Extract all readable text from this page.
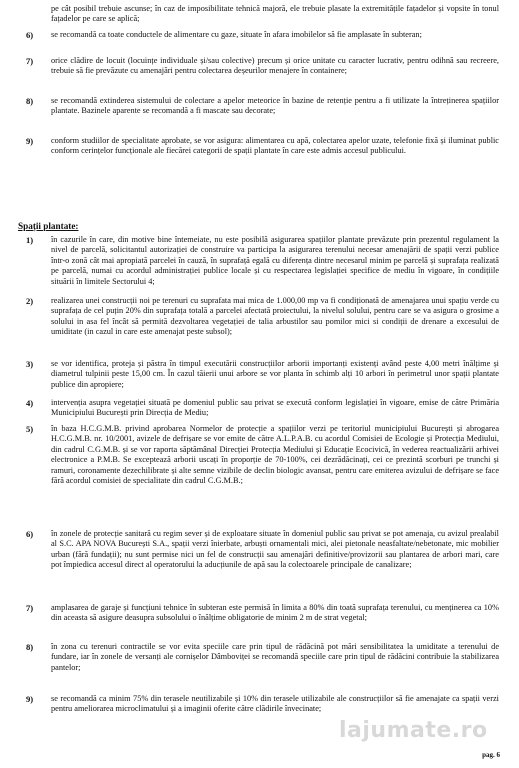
pe cât posibil trebuie ascunse; în caz de imposibilitate tehnică majoră, ele trebuie plasate la extremitățile fațadelor și vopsite în tonul fațadelor pe care se aplică;
6) se recomandă ca toate conductele de alimentare cu gaze, situate în afara imobilelor să fie amplasate în subteran;
7) orice clădire de locuit (locuințe individuale și/sau colective) precum și orice unitate cu caracter lucrativ, pentru odihnă sau recreere, trebuie să fie prevăzute cu amenajări pentru colectarea deșeurilor menajere în containere;
8) se recomandă extinderea sistemului de colectare a apelor meteorice în bazine de retenție pentru a fi utilizate la întreținerea spațiilor plantate. Bazinele aparente se recomandă a fi mascate sau decorate;
9) conform studiilor de specialitate aprobate, se vor asigura: alimentarea cu apă, colectarea apelor uzate, telefonie fixă și iluminat public conform cerințelor funcționale ale fiecărei categorii de spații plantate în care este admis accesul publicului.
Spații plantate:
1) în cazurile în care, din motive bine întemeiate, nu este posibilă asigurarea spațiilor plantate prevăzute prin prezentul regulament la nivel de parcelă, solicitantul autorizației de construire va participa la asigurarea terenului necesar amenajării de spații verzi publice într-o zonă cât mai apropiată parcelei în cauză, în suprafață egală cu diferența dintre necesarul minim pe parcelă și suprafața realizată pe parcelă, numai cu acordul administrației publice locale și cu respectarea legislației specifice de mediu în vigoare, în condițiile situării în limitele Sectorului 4;
2) realizarea unei construcții noi pe terenuri cu suprafata mai mica de 1.000,00 mp va fi condiționată de amenajarea unui spațiu verde cu suprafața de cel puțin 20% din suprafața totală a parcelei afectată proiectului, la nivelul solului, pentru care se va asigura o grosime a solului in asa fel încât să permită dezvoltarea vegetației de talia arbustilor sau pomilor mici si condiții de drenare a excesului de umiditate (in cazul in care este amenajat peste subsol);
3) se vor identifica, proteja și păstra în timpul executării construcțiilor arborii importanți existenți având peste 4,00 metri înălțime și diametrul tulpinii peste 15,00 cm. În cazul tăierii unui arbore se vor planta în schimb alți 10 arbori în perimetrul unor spații plantate publice din apropiere;
4) intervenția asupra vegetației situată pe domeniul public sau privat se execută conform legislației în vigoare, emise de către Primăria Municipiului București prin Direcția de Mediu;
5) în baza H.C.G.M.B. privind aprobarea Normelor de protecție a spațiilor verzi pe teritoriul municipiului București și abrogarea H.C.G.M.B. nr. 10/2001, avizele de defrișare se vor emite de către A.L.P.A.B. cu acordul Comisiei de Ecologie și Protecția Mediului, din cadrul C.G.M.B. și se vor raporta săptămânal Direcției Protecția Mediului și Educație Ecocivică, în vederea reactualizării arhivei electronice a P.M.B. Se exceptează arborii uscați în proporție de 70-100%, cei dezrădăcinați, cei ce prezintă scorburi pe trunchi și ramuri, coronamente dezechilibrate și alte semne vizibile de declin biologic avansat, pentru care emiterea avizului de defrișare se face fără acordul comisiei de specialitate din cadrul C.G.M.B.;
6) în zonele de protecție sanitară cu regim sever și de exploatare situate în domeniul public sau privat se pot amenaja, cu avizul prealabil al S.C. APA NOVA București S.A., spații verzi înierbate, arbuști ornamentali mici, alei pietonale neasfaltate/nebetonate, mic mobilier urban (fără fundații); nu sunt permise nici un fel de construcții sau amenajări definitive/provizorii sau plantarea de arbori mari, care pot împiedica accesul direct al operatorului la aducțiunile de apă sau la colectoarele principale de canalizare;
7) amplasarea de garaje și funcțiuni tehnice în subteran este permisă în limita a 80% din toată suprafața terenului, cu menținerea ca 10% din aceasta să asigure deasupra subsolului o înălțime obligatorie de minim 2 m de strat vegetal;
8) în zona cu terenuri contractile se vor evita speciile care prin tipul de rădăcină pot mări sensibilitatea la umiditate a terenului de fundare, iar în zonele de versanți ale cornișelor Dâmboviței se recomandă speciile care prin tipul de rădăcini contribuie la stabilizarea pantelor;
9) se recomandă ca minim 75% din terasele neutilizabile și 10% din terasele utilizabile ale construcțiilor să fie amenajate ca spații verzi pentru ameliorarea microclimatului și a imaginii oferite către clădirile învecinate;
lajumate.ro
pag. 6
